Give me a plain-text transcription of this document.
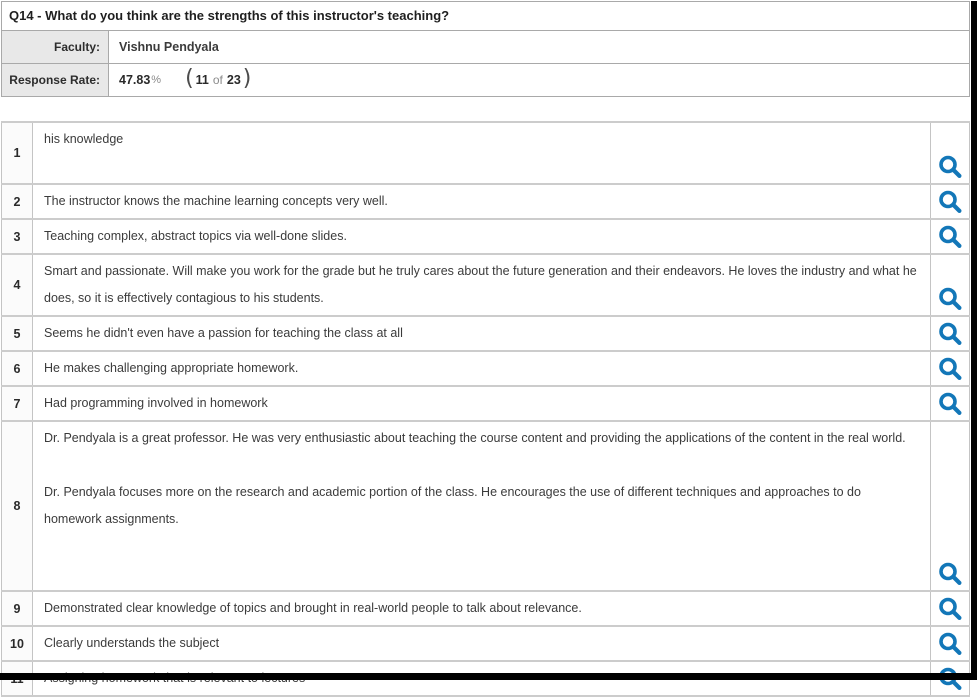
Q14 - What do you think are the strengths of this instructor's teaching?	
Faculty:	Vishnu Pendyala
Response Rate:	47.83 % ( 11 of 23 )
1	his knowledge

2	The instructor knows the machine learning concepts very well.

3	Teaching complex, abstract topics via well-done slides.

4	Smart and passionate. Will make you work for the grade but he truly cares about the future generation and their endeavors. He loves the industry and what he does, so it is effectively contagious to his students.

5	Seems he didn't even have a passion for teaching the class at all

6	He makes challenging appropriate homework.

7	Had programming involved in homework

8	Dr. Pendyala is a great professor. He was very enthusiastic about teaching the course content and providing the applications of the content in the real world.
Dr. Pendyala focuses more on the research and academic portion of the class. He encourages the use of different techniques and approaches to do homework assignments.

9	Demonstrated clear knowledge of topics and brought in real-world people to talk about relevance.

10	Clearly understands the subject
